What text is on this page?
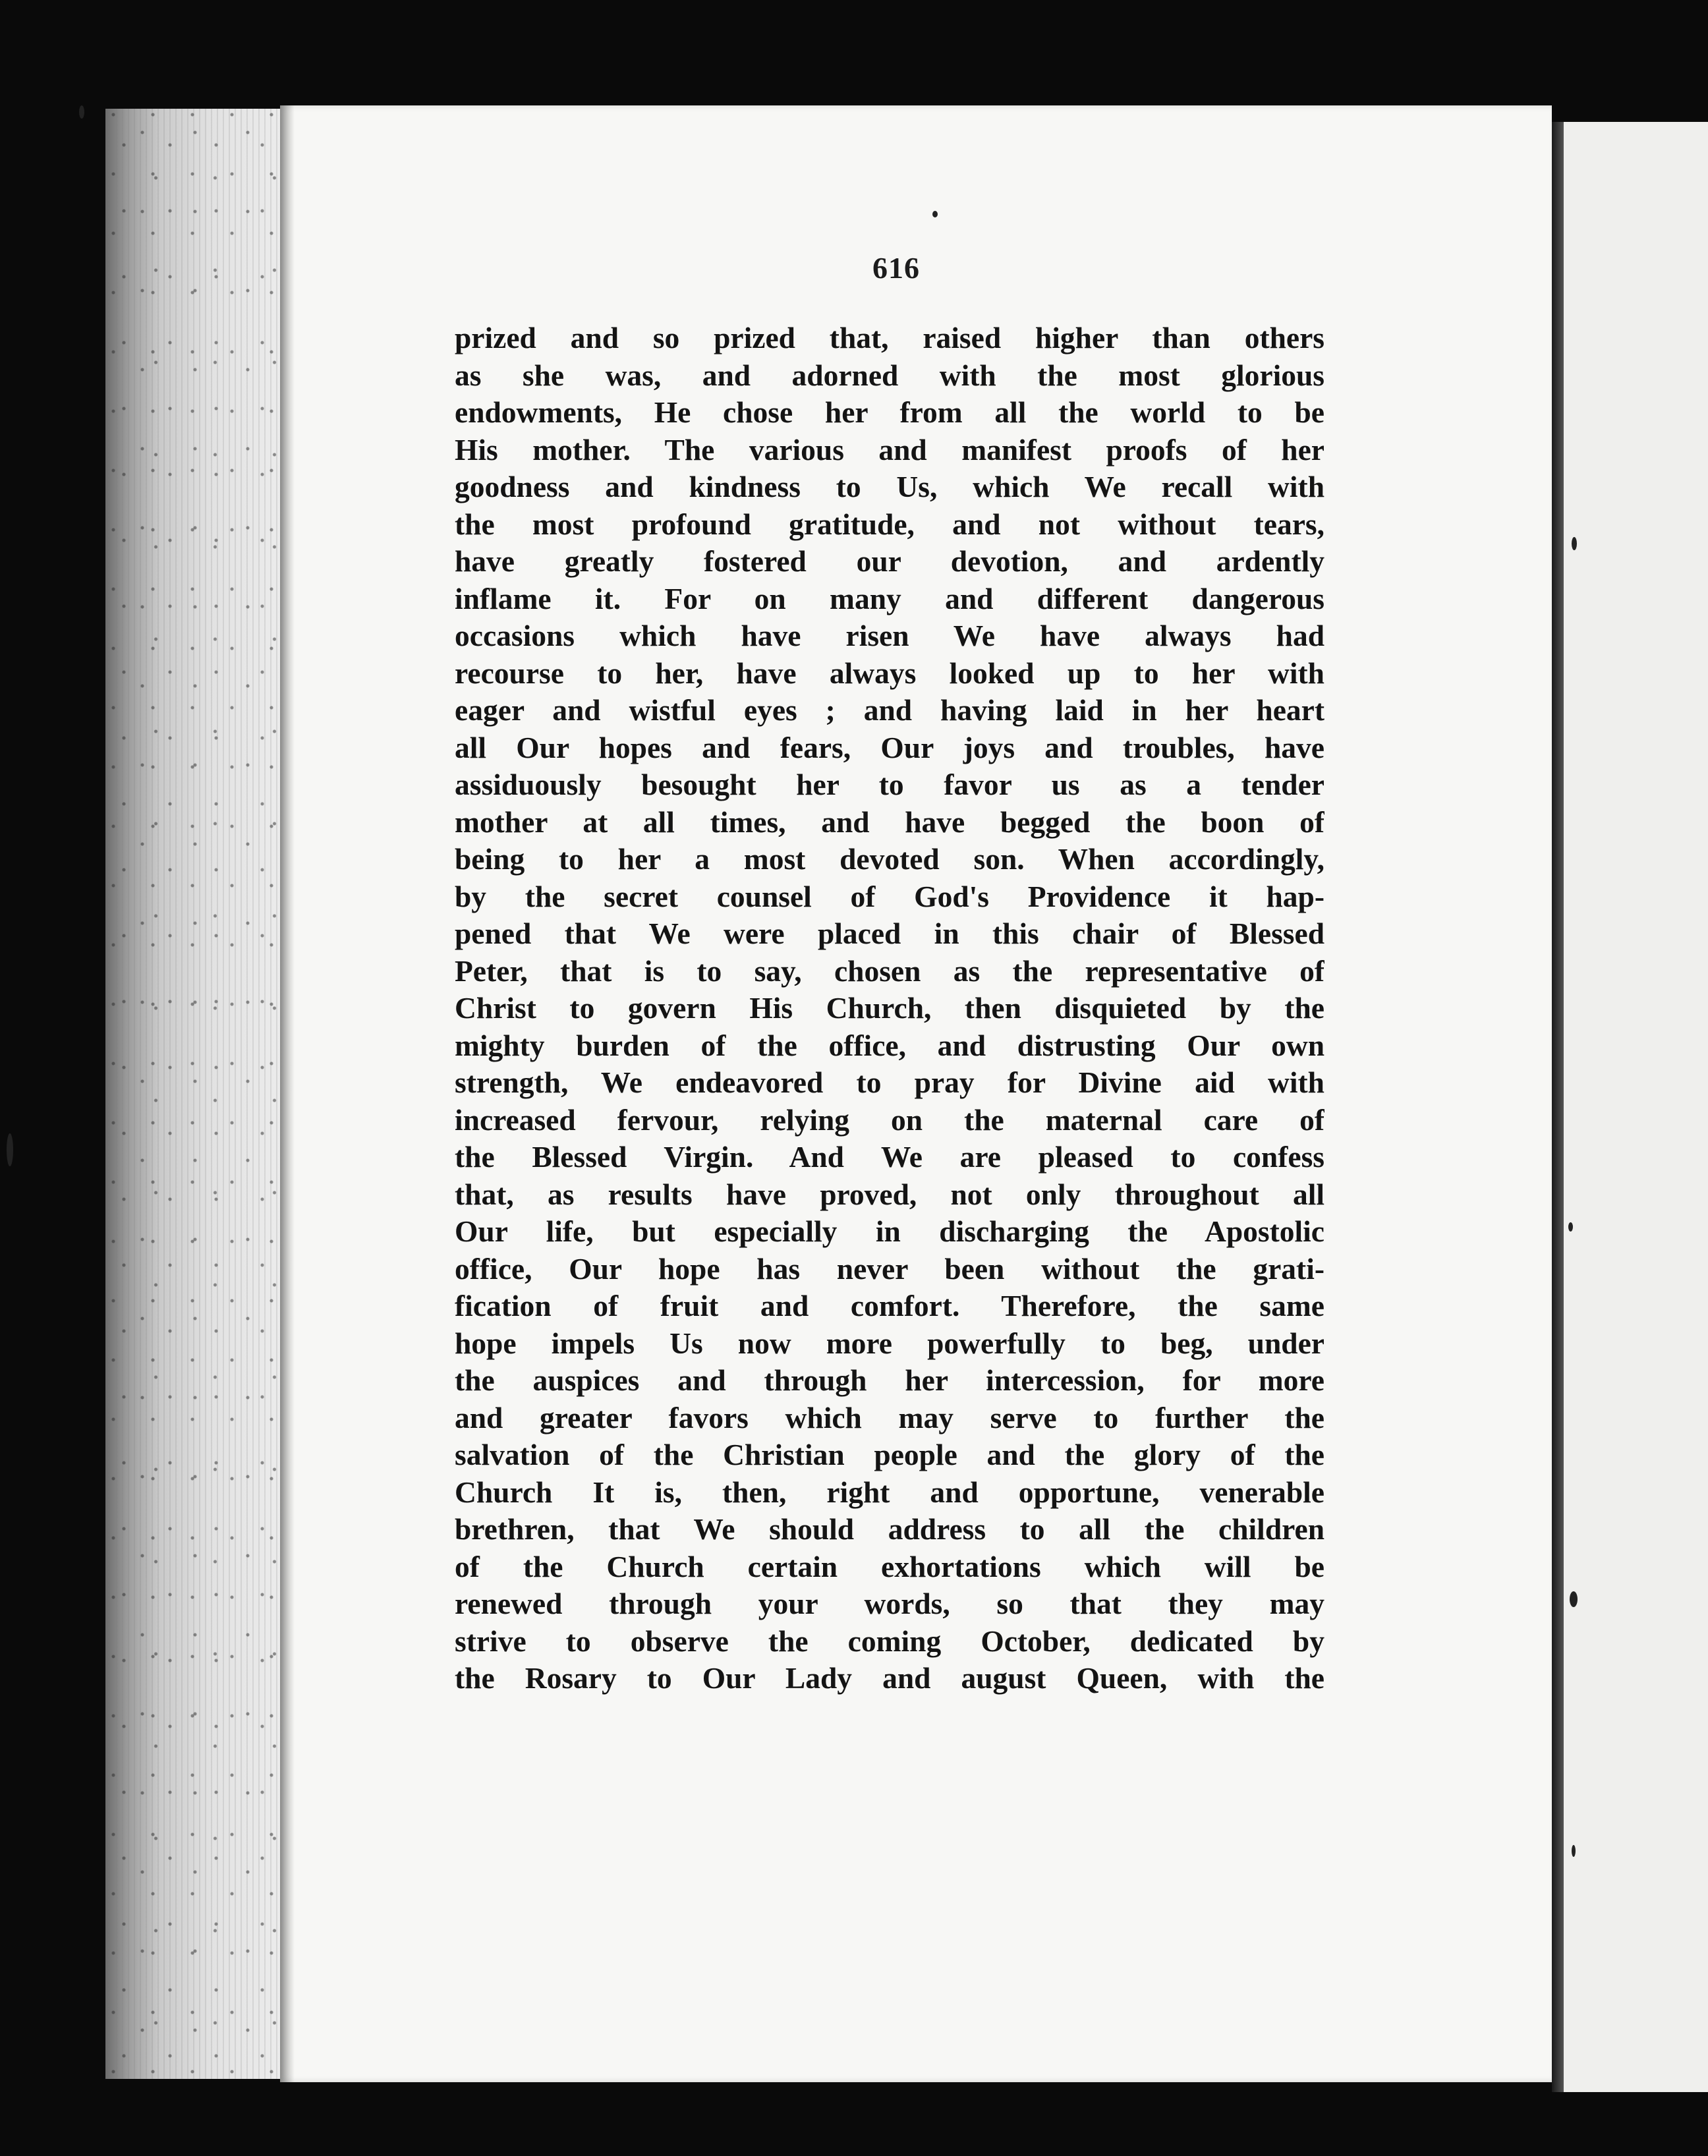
616
prized and so prized that, raised higher than others
as she was, and adorned with the most glorious
endowments, He chose her from all the world to be
His mother. The various and manifest proofs of her
goodness and kindness to Us, which We recall with
the most profound gratitude, and not without tears,
have greatly fostered our devotion, and ardently
inflame it. For on many and different dangerous
occasions which have risen We have always had
recourse to her, have always looked up to her with
eager and wistful eyes ; and having laid in her heart
all Our hopes and fears, Our joys and troubles, have
assiduously besought her to favor us as a tender
mother at all times, and have begged the boon of
being to her a most devoted son. When accordingly,
by the secret counsel of God's Providence it hap-
pened that We were placed in this chair of Blessed
Peter, that is to say, chosen as the representative of
Christ to govern His Church, then disquieted by the
mighty burden of the office, and distrusting Our own
strength, We endeavored to pray for Divine aid with
increased fervour, relying on the maternal care of
the Blessed Virgin. And We are pleased to confess
that, as results have proved, not only throughout all
Our life, but especially in discharging the Apostolic
office, Our hope has never been without the grati-
fication of fruit and comfort. Therefore, the same
hope impels Us now more powerfully to beg, under
the auspices and through her intercession, for more
and greater favors which may serve to further the
salvation of the Christian people and the glory of the
Church It is, then, right and opportune, venerable
brethren, that We should address to all the children
of the Church certain exhortations which will be
renewed through your words, so that they may
strive to observe the coming October, dedicated by
the Rosary to Our Lady and august Queen, with the
